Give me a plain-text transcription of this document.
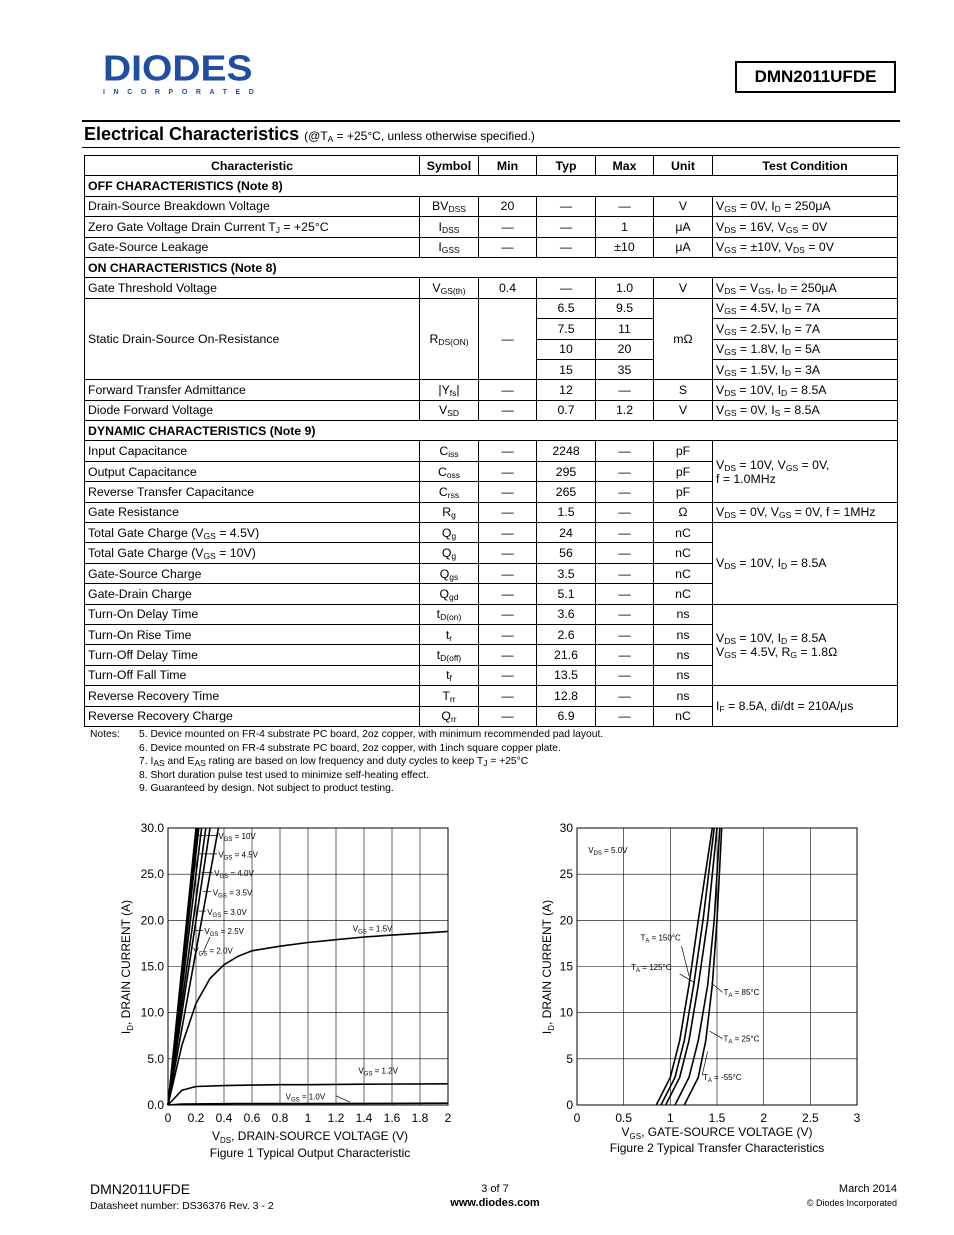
DIODES
INCORPORATED
DMN2011UFDE
Electrical Characteristics ($@T_A = +25^\circ C$, unless otherwise specified.)
Characteristic	Symbol	Min	Typ	Max	Unit	Test Condition
OFF CHARACTERISTICS (Note 8)						
Drain-Source Breakdown Voltage	$BV_{DSS}$	20	—	—	V	$V_{GS} = 0V$, $I_D = 250\mu A$
Zero Gate Voltage Drain Current $T_J = +25^\circ C$	$I_{DSS}$	—	—	1	μA	$V_{DS} = 16V$, $V_{GS} = 0V$
Gate-Source Leakage	$I_{GSS}$	—	—	±10	μA	$V_{GS} = \pm 10V$, $V_{DS} = 0V$
ON CHARACTERISTICS (Note 8)						
Gate Threshold Voltage	$V_{GS(th)}$	0.4	—	1.0	V	$V_{DS} = V_{GS}$, $I_D = 250\mu A$
Static Drain-Source On-Resistance	$R_{DS(ON)}$	—	6.5	9.5	mΩ	$V_{GS} = 4.5V$, $I_D = 7A$
			7.5	11		$V_{GS} = 2.5V$, $I_D = 7A$
			10	20		$V_{GS} = 1.8V$, $I_D = 5A$
			15	35		$V_{GS} = 1.5V$, $I_D = 3A$
Forward Transfer Admittance	$|Y_{fs}|$	—	12	—	S	$V_{DS} = 10V$, $I_D = 8.5A$
Diode Forward Voltage	$V_{SD}$	—	0.7	1.2	V	$V_{GS} = 0V$, $I_S = 8.5A$
DYNAMIC CHARACTERISTICS (Note 9)						
Input Capacitance	$C_{iss}$	—	2248	—	pF	$V_{DS} = 10V$, $V_{GS} = 0V$,
f = 1.0MHz
Output Capacitance	$C_{oss}$	—	295	—	pF	
Reverse Transfer Capacitance	$C_{rss}$	—	265	—	pF	
Gate Resistance	$R_g$	—	1.5	—	Ω	$V_{DS} = 0V$, $V_{GS} = 0V$, f = 1MHz
Total Gate Charge $(V_{GS} = 4.5V)$	$Q_g$	—	24	—	nC	$V_{DS} = 10V$, $I_D = 8.5A$
Total Gate Charge $(V_{GS} = 10V)$	$Q_g$	—	56	—	nC	
Gate-Source Charge	$Q_{gs}$	—	3.5	—	nC	
Gate-Drain Charge	$Q_{gd}$	—	5.1	—	nC	
Turn-On Delay Time	$t_{D(on)}$	—	3.6	—	ns	$V_{DS} = 10V$, $I_D = 8.5A$
$V_{GS} = 4.5V$, $R_G = 1.8\Omega$
Turn-On Rise Time	$t_r$	—	2.6	—	ns	
Turn-Off Delay Time	$t_{D(off)}$	—	21.6	—	ns	
Turn-Off Fall Time	$t_f$	—	13.5	—	ns	
Reverse Recovery Time	$T_{rr}$	—	12.8	—	ns	$I_F = 8.5A$, di/dt = 210A/μs
Reverse Recovery Charge	$Q_{rr}$	—	6.9	—	nC	
Notes: 5. Device mounted on FR-4 substrate PC board, 2oz copper, with minimum recommended pad layout.
6. Device mounted on FR-4 substrate PC board, 2oz copper, with 1inch square copper plate.
7. $I_{AS}$ and $E_{AS}$ rating are based on low frequency and duty cycles to keep $T_J = +25^\circ C$
8. Short duration pulse test used to minimize self-heating effect.
9. Guaranteed by design. Not subject to product testing.
0 0.2 0.4 0.6 0.8 1 1.2 1.4 1.6 1.8 2
0.0
5.0
10.0
15.0
20.0
25.0
30.0
$V_{GS} = 10V$
$V_{GS} = 4.5V$
$V_{GS} = 4.0V$
$V_{GS} = 3.5V$
$V_{GS} = 3.0V$
$V_{GS} = 2.5V$
$V_{GS} = 2.0V$
$V_{GS} = 1.5V$
$V_{GS} = 1.2V$
$V_{GS} = 1.0V$
$V_{DS}$, DRAIN-SOURCE VOLTAGE (V)
$I_D$, DRAIN CURRENT (A)
Figure 1 Typical Output Characteristic
0	0.5	1	1.5	2	2.5	3
0
5
10
15
20
25
30
$V_{DS} = 5.0V$
$T_A = 150^\circ C$
$T_A = 125^\circ C$
$T_A = 85^\circ C$
$T_A = 25^\circ C$
$T_A = -55^\circ C$
$V_{GS}$, GATE-SOURCE VOLTAGE (V)
$I_D$, DRAIN CURRENT (A)
Figure 2 Typical Transfer Characteristics
DMN2011UFDE
Datasheet number: DS36376 Rev. 3 - 2
3 of 7
www.diodes.com
March 2014
© Diodes Incorporated
